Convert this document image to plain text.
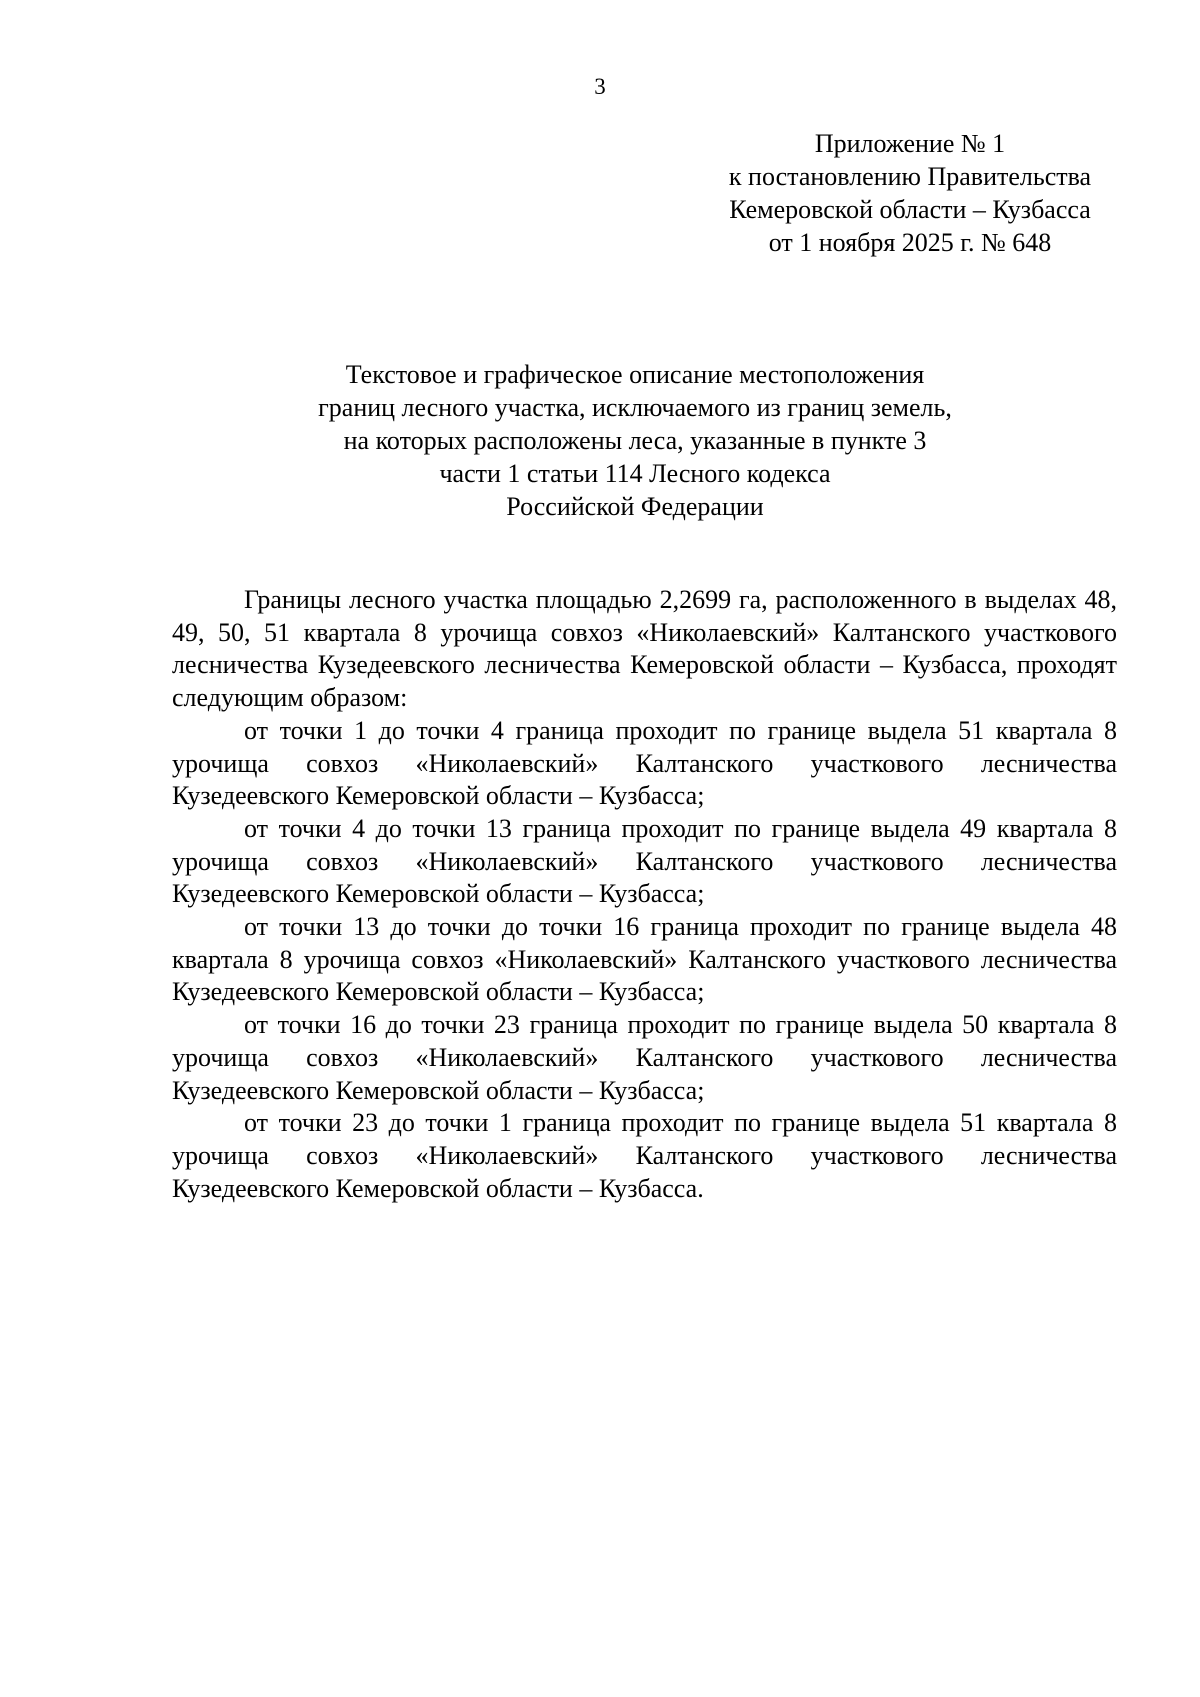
3
Приложение № 1
к постановлению Правительства
Кемеровской области – Кузбасса
от 1 ноября 2025 г. № 648
Текстовое и графическое описание местоположения
границ лесного участка, исключаемого из границ земель,
на которых расположены леса, указанные в пункте 3
части 1 статьи 114 Лесного кодекса
Российской Федерации

Границы лесного участка площадью 2,2699 га, расположенного в выделах 48, 49, 50, 51 квартала 8 урочища совхоз «Николаевский» Калтанского участкового лесничества Кузедеевского лесничества Кемеровской области – Кузбасса, проходят следующим образом:

от точки 1 до точки 4 граница проходит по границе выдела 51 квартала 8 урочища совхоз «Николаевский» Калтанского участкового лесничества Кузедеевского Кемеровской области – Кузбасса;

от точки 4 до точки 13 граница проходит по границе выдела 49 квартала 8 урочища совхоз «Николаевский» Калтанского участкового лесничества Кузедеевского Кемеровской области – Кузбасса;

от точки 13 до точки до точки 16 граница проходит по границе выдела 48 квартала 8 урочища совхоз «Николаевский» Калтанского участкового лесничества Кузедеевского Кемеровской области – Кузбасса;

от точки 16 до точки 23 граница проходит по границе выдела 50 квартала 8 урочища совхоз «Николаевский» Калтанского участкового лесничества Кузедеевского Кемеровской области – Кузбасса;

от точки 23 до точки 1 граница проходит по границе выдела 51 квартала 8 урочища совхоз «Николаевский» Калтанского участкового лесничества Кузедеевского Кемеровской области – Кузбасса.
